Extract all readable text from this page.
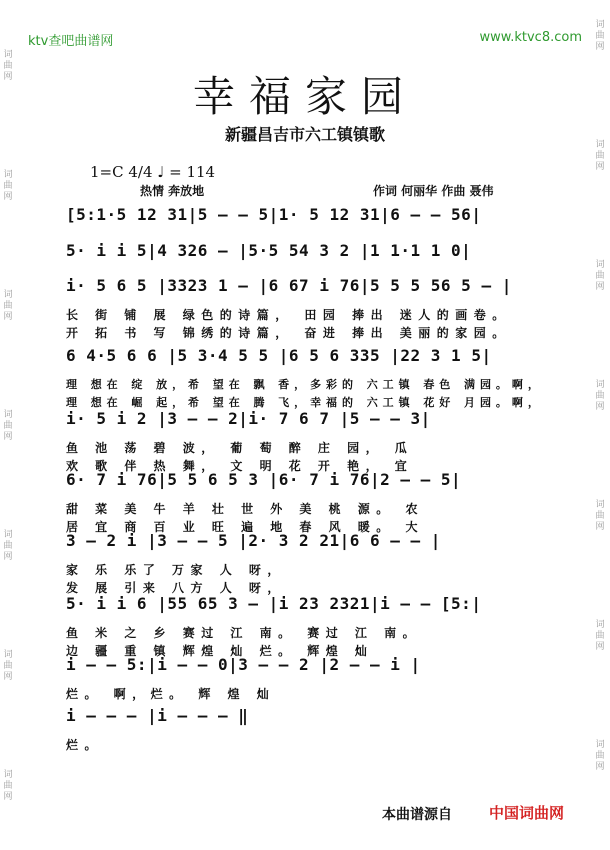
词曲网
词曲网
词曲网
词曲网
词曲网
词曲网
词曲网
词曲网
词曲网
词曲网
词曲网
词曲网
词曲网
词曲网
ktv查吧曲谱网	www.ktvc8.com
幸福家园
新疆昌吉市六工镇镇歌
1=C 4/4 ♩ = 114
热情 奔放地	作词 何丽华 作曲 聂伟
[5:1·5 12 31|5 — — 5|1· 5 12 31|6 — — 56|
5· i i 5|4 326 — |5·5 54 3 2 |1 1·1 1 0|
i· 5 6 5 |3323 1 — |6 67 i 76|5 5 5 56 5 — |
长 街 铺 展 绿色的诗篇， 田园 捧出 迷人的画卷。
开 拓 书 写 锦绣的诗篇， 奋进 捧出 美丽的家园。
6 4·5 6 6 |5 3·4 5 5 |6 5 6 335 |22 3 1 5|
理 想在 绽 放，希 望在 飘 香，多彩的 六工镇 春色 满园。啊，
理 想在 崛 起，希 望在 腾 飞，幸福的 六工镇 花好 月园。啊，
i· 5 i 2 |3 — — 2|i· 7 6 7 |5 — — 3|
鱼 池 荡 碧 波， 葡 萄 醉 庄 园， 瓜
欢 歌 伴 热 舞， 文 明 花 开 艳， 宜
6· 7 i 76|5 5 6 5 3 |6· 7 i 76|2 — — 5|
甜 菜 美 牛 羊 壮 世 外 美 桃 源。 农
居 宜 商 百 业 旺 遍 地 春 风 暖。 大
3 — 2 i |3 — — 5 |2· 3 2 21|6 6 — — |
家 乐 乐了 万家 人 呀，
发 展 引来 八方 人 呀，
5· i i 6 |55 65 3 — |i 23 2321|i — — [5:|
鱼 米 之 乡 赛过 江 南。 赛过 江 南。
边 疆 重 镇 辉煌 灿 烂。 辉煌 灿
i — — 5:|i — — 0|3 — — 2 |2 — — i |
烂。 啊，烂。 辉 煌 灿
i — — — |i — — — ‖
烂。
本曲谱源自 中国词曲网
